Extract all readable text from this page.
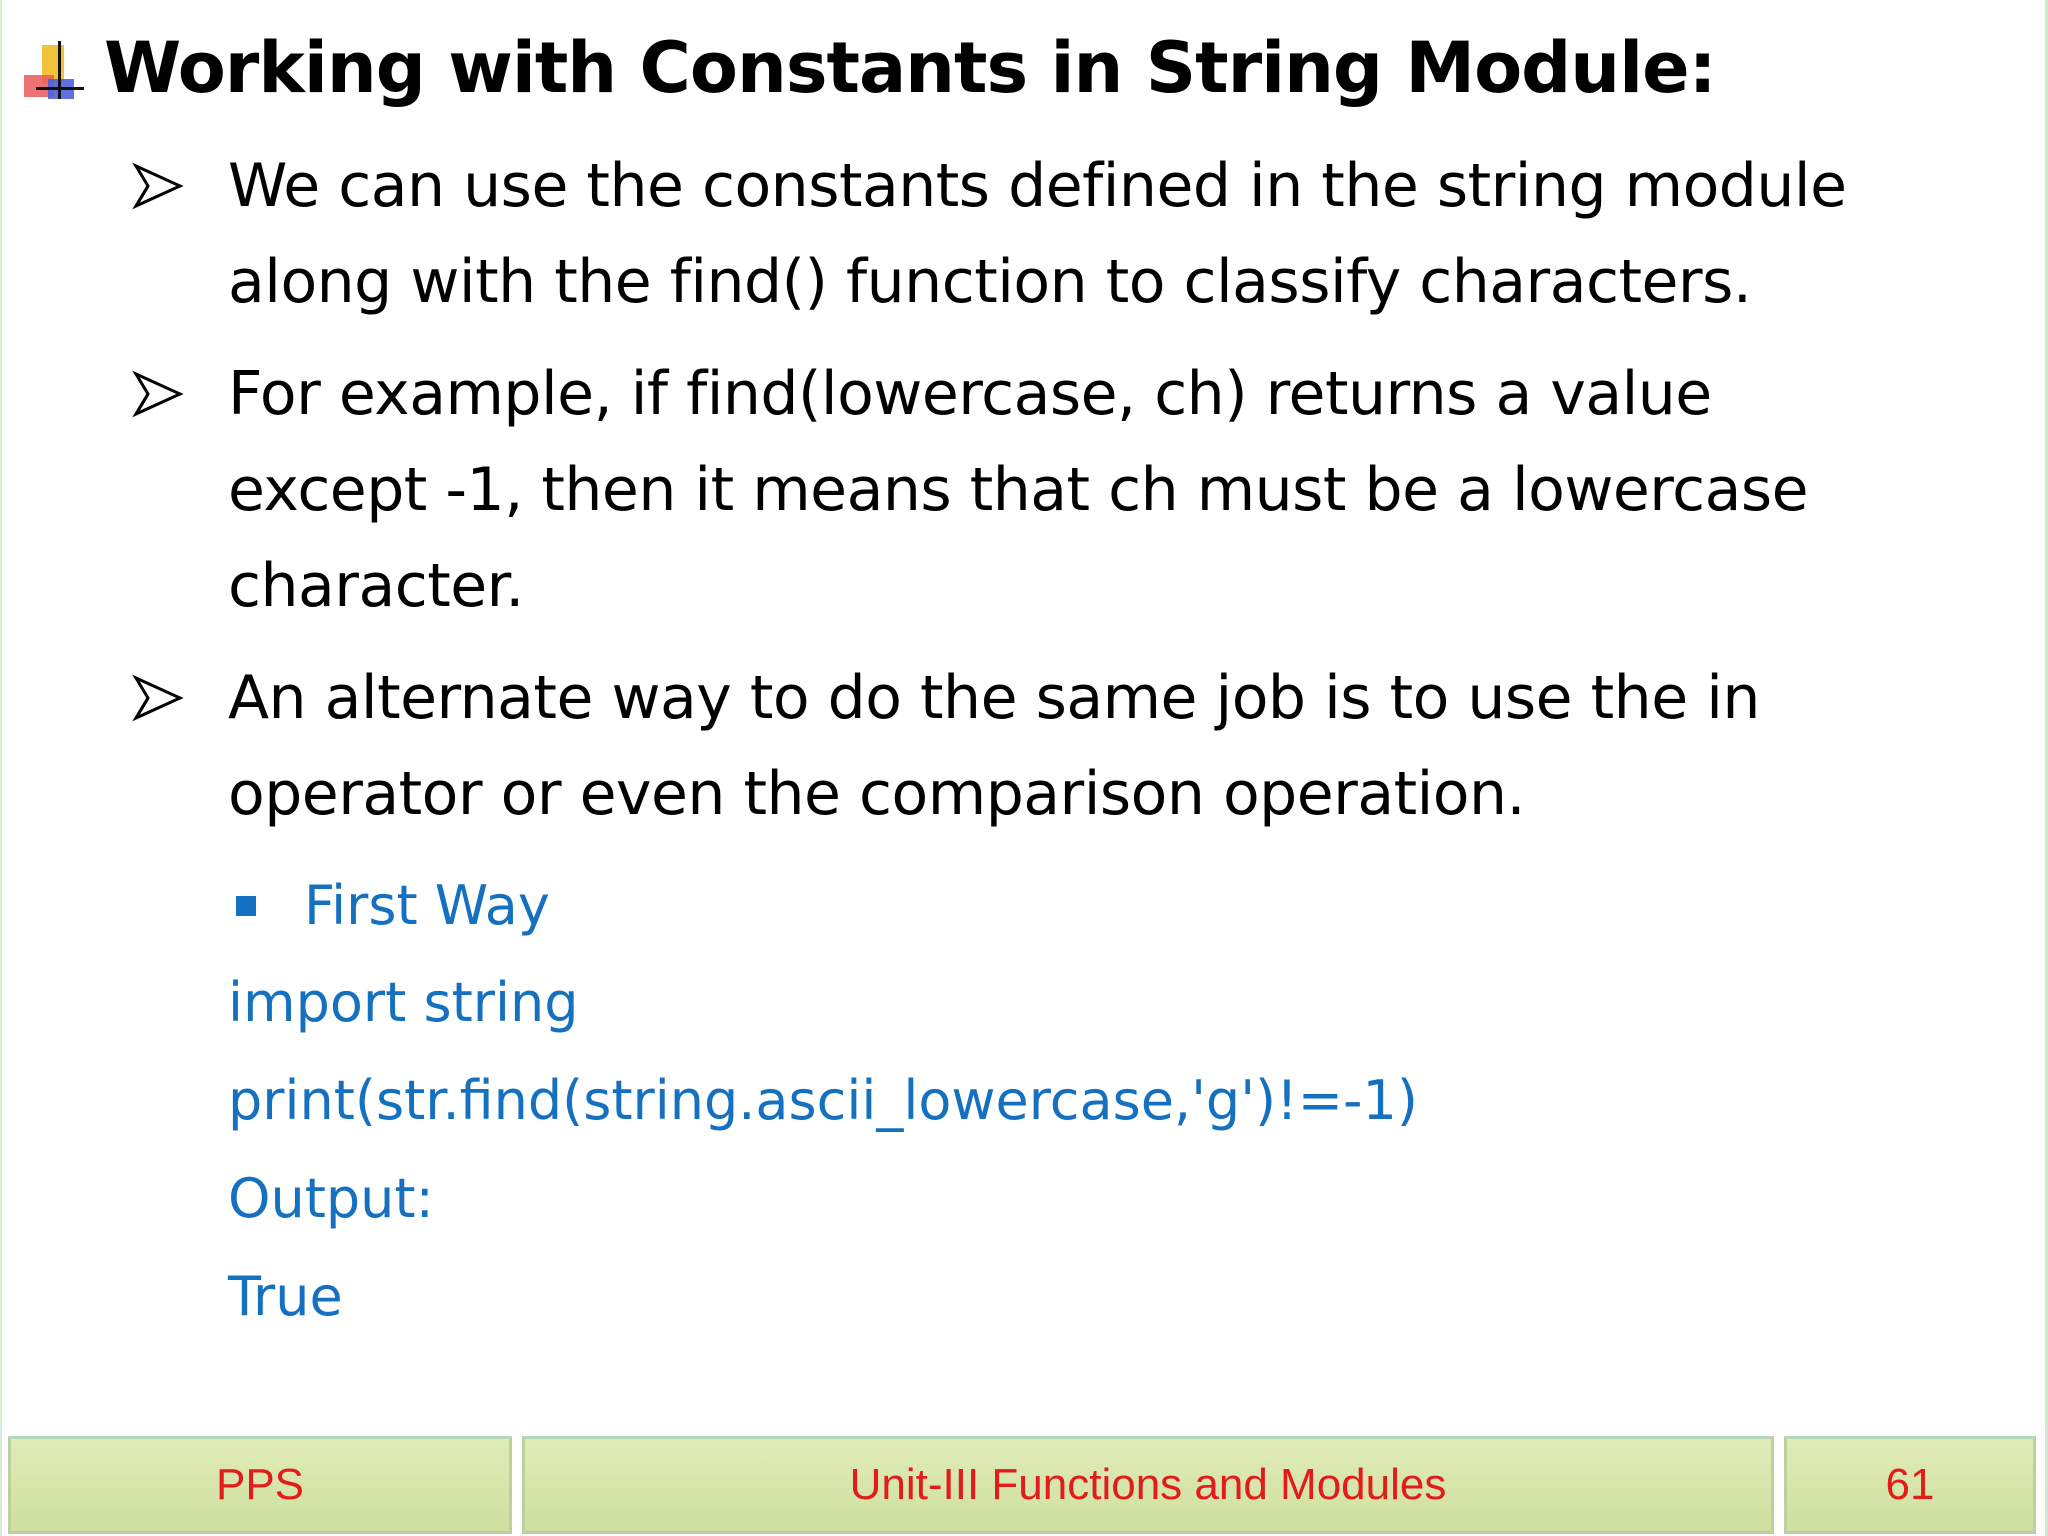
Working with Constants in String Module:
We can use the constants defined in the string module
along with the find() function to classify characters.
For example, if find(lowercase, ch) returns a value
except -1, then it means that ch must be a lowercase
character.
An alternate way to do the same job is to use the in
operator or even the comparison operation.
First Way
import string
print(str.find(string.ascii_lowercase,'g')!=-1)
Output:
True
PPS	Unit-III Functions and Modules	61
